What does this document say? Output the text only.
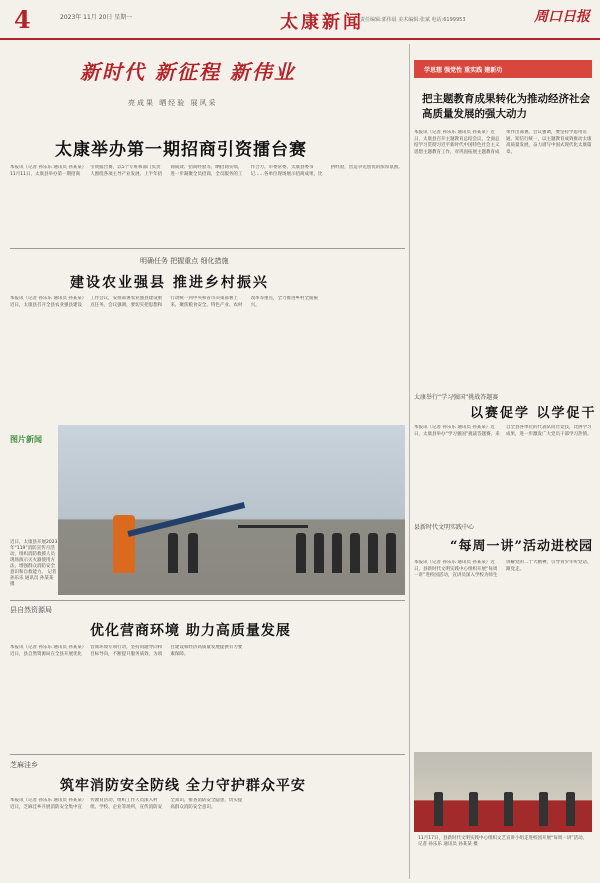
4	2023年 11月 20日 星期一	太康新闻
责任编辑:郭伟晨 美术编辑:张斌 电话:6199953	周口日报
新时代 新征程 新伟业
亮成果 晒经验 展风采
太康举办第一期招商引资擂台赛
本报讯（记者 孙乐乐 通讯员 孙某某）11月11日，太康县举办第一期招商引资擂台赛，以5个专班和部门负责人围绕各项主导产业发展、上半年招商成效、招商经验等，晒招商实绩，进一步凝聚全员招商、全员服务的工作合力。市委常委、太康县委书记……各单位现场展示招商成果，比拼经验，营造争先创优的浓厚氛围。
明确任务 把握重点 细化措施
建设农业强县 推进乡村振兴
本报讯（记者 孙乐乐 通讯员 孙某某）近日，太康县召开全县农业强县建设工作会议，安排部署农业强县建设重点任务。会议强调，要切实把思想和行动统一到中央和省市决策部署上来，聚焦粮食安全、特色产业、农村改革等重点，全力推进乡村全面振兴。
图片新闻
近日，太康县开展2023年“119”消防宣传月活动，组织消防救援人员现场演示灭火器使用方法，增强群众消防安全意识和自救能力。 记者 孙乐乐 通讯员 孙某某 摄
县自然资源局
优化营商环境 助力高质量发展
本报讯（记者 孙乐乐 通讯员 孙某某）近日，县自然资源局在全县开展优化营商环境专项行动，坚持问题导向和目标导向，不断提升服务质效，为项目建设和经济高质量发展提供有力要素保障。
芝麻洼乡
筑牢消防安全防线 全力守护群众平安
本报讯（记者 孙乐乐 通讯员 孙某某）近日，芝麻洼乡开展消防安全集中宣传教育活动，组织工作人员深入村组、学校、企业等场所，宣传消防安全知识，排查消防安全隐患，切实提高群众消防安全意识。
学思想 强党性 重实践 建新功
把主题教育成果转化为推动经济社会高质量发展的强大动力
本报讯（记者 孙乐乐 通讯员 孙某某）近日，太康县召开主题教育总结会议，全面总结学习贯彻习近平新时代中国特色社会主义思想主题教育工作，对巩固拓展主题教育成果作出部署。会议强调，要坚持学思用贯通、知信行统一，以主题教育成效推动太康高质量发展，奋力谱写中国式现代化太康篇章。
太康举行“学习强国”挑战答题赛
以赛促学 以学促干
本报讯（记者 孙乐乐 通讯员 孙某某）近日，太康县举办“学习强国”挑战答题赛，来自全县各单位的代表队同台竞技，比拼学习成果，进一步激发广大党员干部学习热情。
县新时代文明实践中心
“每周一讲”活动进校园
本报讯（记者 孙乐乐 通讯员 孙某某）近日，县新时代文明实践中心组织开展“每周一讲”进校园活动，宣讲员深入学校为师生讲解党的二十大精神，引导青少年听党话、跟党走。
11月17日，县新时代文明实践中心组织文艺宣讲小组走进校园开展“每周一讲”活动。 记者 孙乐乐 通讯员 孙某某 摄
